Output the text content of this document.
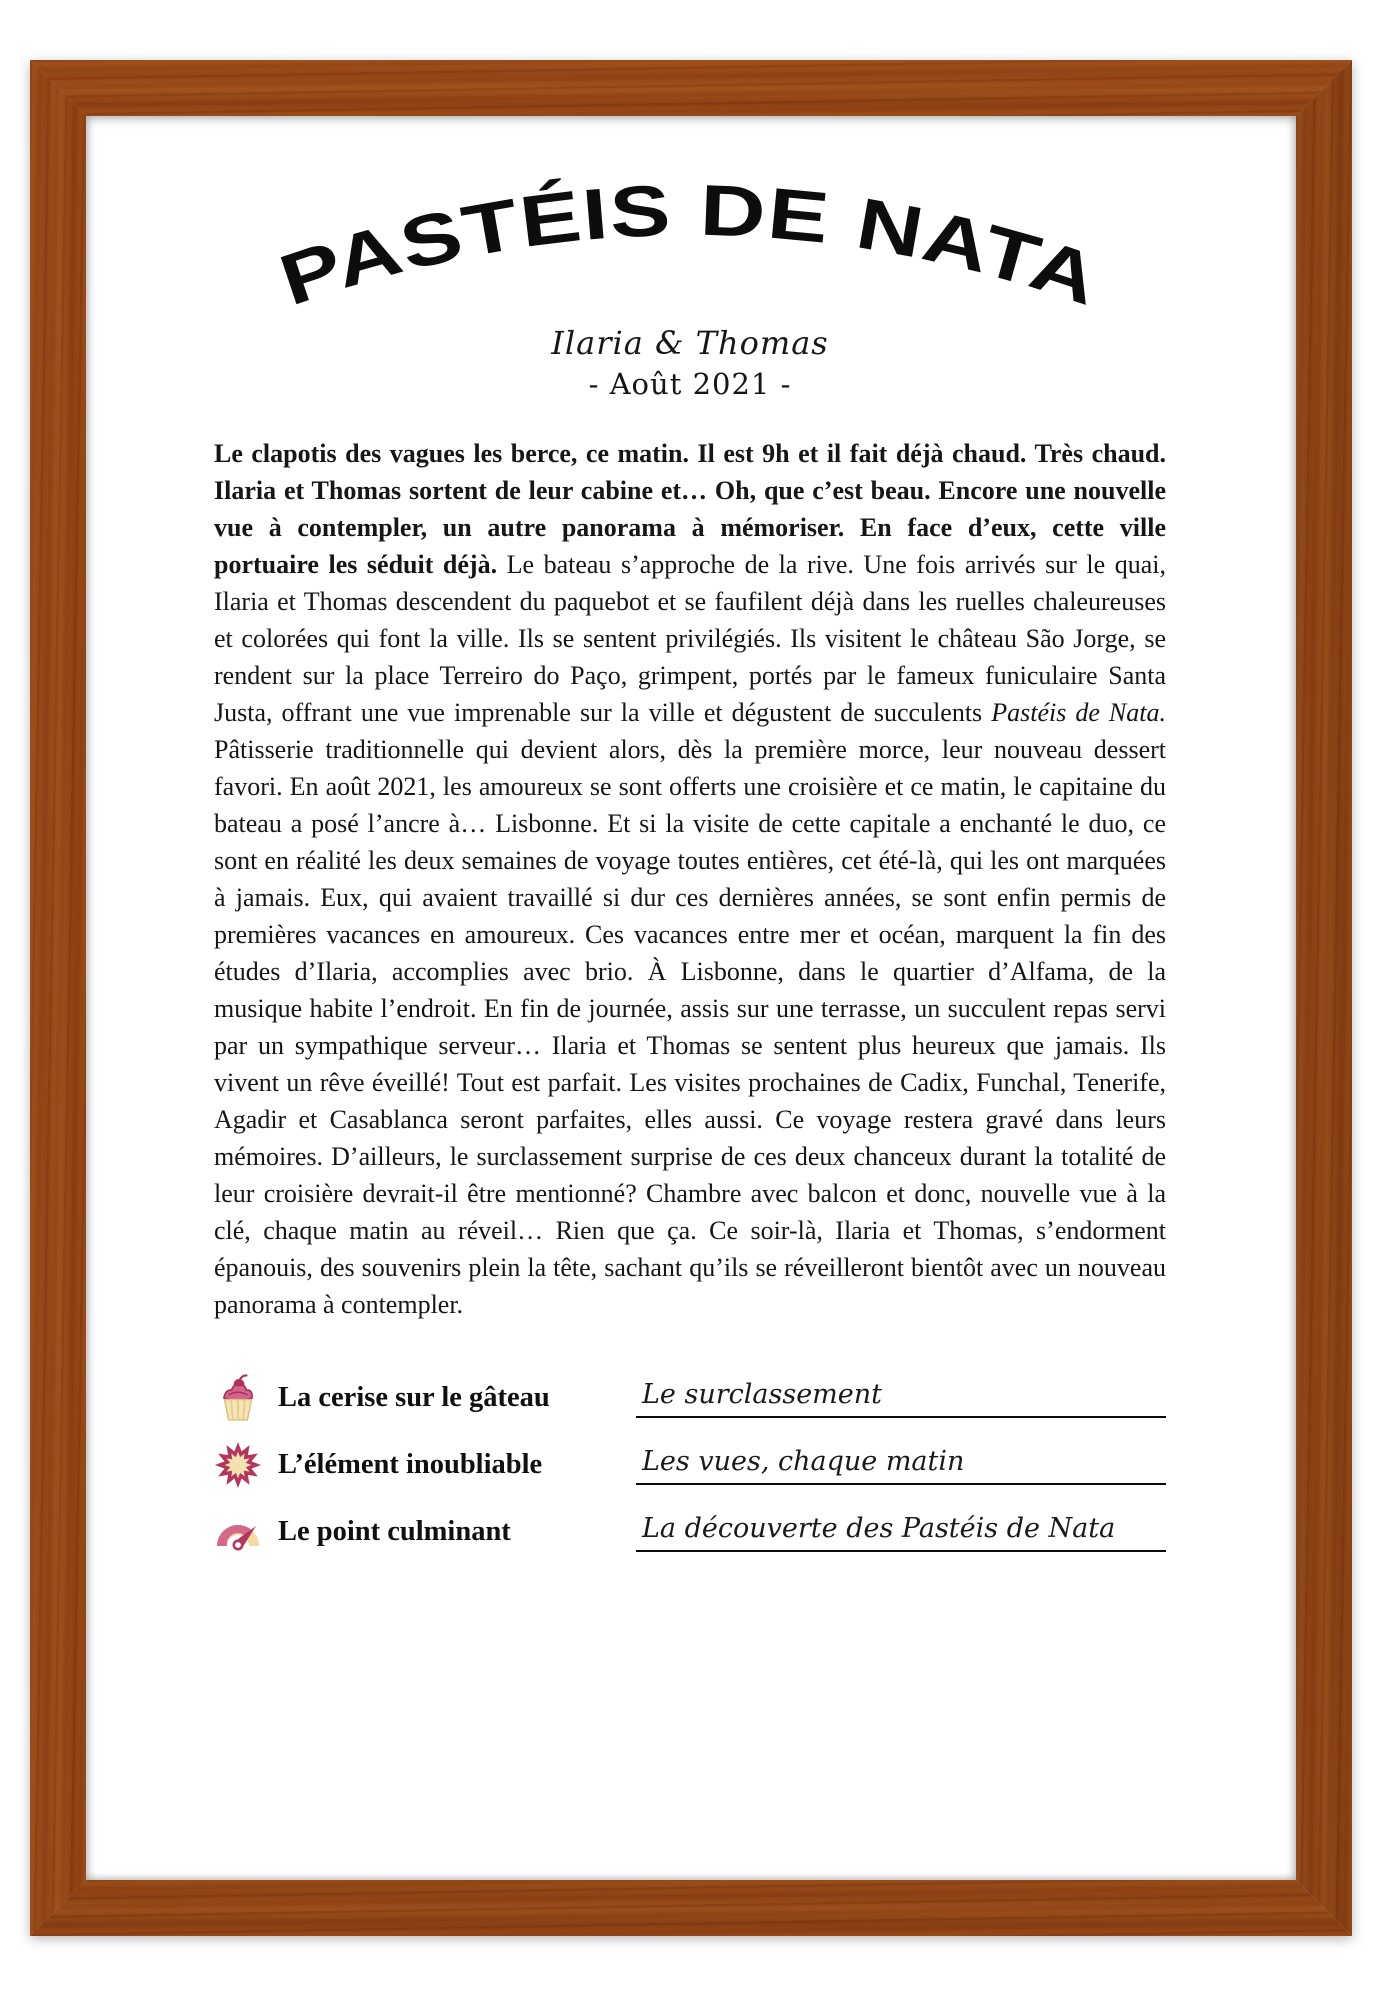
PASTÉIS DE NATA
Ilaria & Thomas
- Août 2021 -

Le clapotis des vagues les berce, ce matin. Il est 9h et il fait déjà chaud. Très chaud. Ilaria et Thomas sortent de leur cabine et… Oh, que c’est beau. Encore une nouvelle vue à contempler, un autre panorama à mémoriser. En face d’eux, cette ville portuaire les séduit déjà. Le bateau s’approche de la rive. Une fois arrivés sur le quai, Ilaria et Thomas descendent du paquebot et se faufilent déjà dans les ruelles chaleureuses et colorées qui font la ville. Ils se sentent privilégiés. Ils visitent le château São Jorge, se rendent sur la place Terreiro do Paço, grimpent, portés par le fameux funiculaire Santa Justa, offrant une vue imprenable sur la ville et dégustent de succulents Pastéis de Nata. Pâtisserie traditionnelle qui devient alors, dès la première morce, leur nouveau dessert favori. En août 2021, les amoureux se sont offerts une croisière et ce matin, le capitaine du bateau a posé l’ancre à… Lisbonne. Et si la visite de cette capitale a enchanté le duo, ce sont en réalité les deux semaines de voyage toutes entières, cet été-là, qui les ont marquées à jamais. Eux, qui avaient travaillé si dur ces dernières années, se sont enfin permis de premières vacances en amoureux. Ces vacances entre mer et océan, marquent la fin des études d’Ilaria, accomplies avec brio. À Lisbonne, dans le quartier d’Alfama, de la musique habite l’endroit. En fin de journée, assis sur une terrasse, un succulent repas servi par un sympathique serveur… Ilaria et Thomas se sentent plus heureux que jamais. Ils vivent un rêve éveillé! Tout est parfait. Les visites prochaines de Cadix, Funchal, Tenerife, Agadir et Casablanca seront parfaites, elles aussi. Ce voyage restera gravé dans leurs mémoires. D’ailleurs, le surclassement surprise de ces deux chanceux durant la totalité de leur croisière devrait-il être mentionné? Chambre avec balcon et donc, nouvelle vue à la clé, chaque matin au réveil… Rien que ça. Ce soir-là, Ilaria et Thomas, s’endorment épanouis, des souvenirs plein la tête, sachant qu’ils se réveilleront bientôt avec un nouveau panorama à contempler.

La cerise sur le gâteau	Le surclassement
L’élément inoubliable	Les vues, chaque matin
Le point culminant	La découverte des Pastéis de Nata
